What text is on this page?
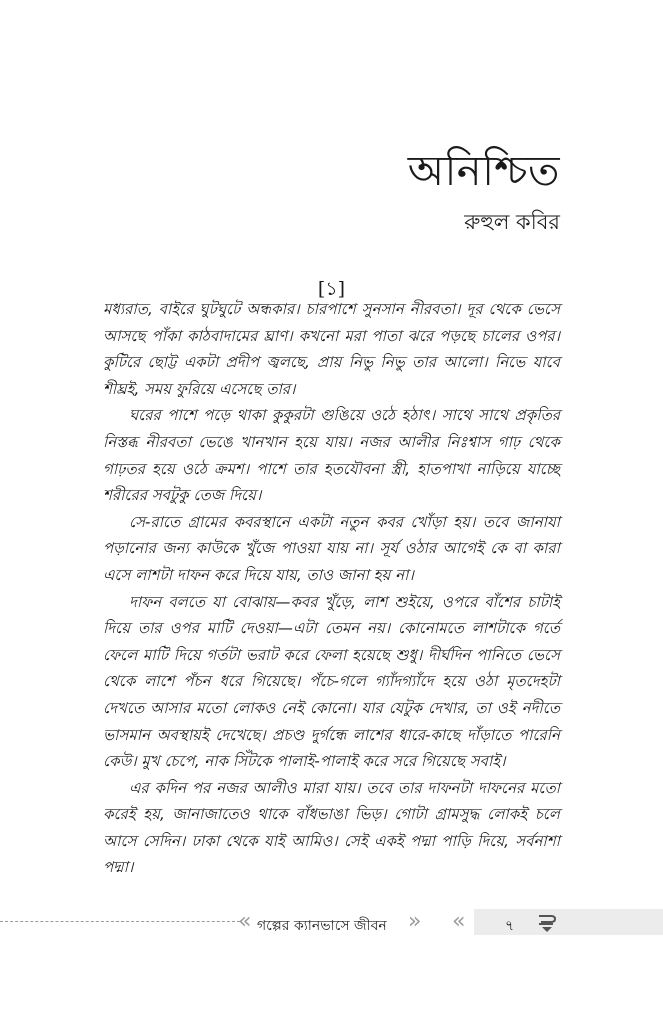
অনিশ্চিত
রুহুল কবির
[১]

মধ্যরাত, বাইরে ঘুটঘুটে অন্ধকার। চারপাশে সুনসান নীরবতা। দূর থেকে ভেসে আসছে পাঁকা কাঠবাদামের ঘ্রাণ। কখনো মরা পাতা ঝরে পড়ছে চালের ওপর। কুটিরে ছোট্ট একটা প্রদীপ জ্বলছে, প্রায় নিভু নিভু তার আলো। নিভে যাবে শীঘ্রই, সময় ফুরিয়ে এসেছে তার।

ঘরের পাশে পড়ে থাকা কুকুরটা গুঙিয়ে ওঠে হঠাৎ। সাথে সাথে প্রকৃতির নিস্তব্ধ নীরবতা ভেঙে খানখান হয়ে যায়। নজর আলীর নিঃশ্বাস গাঢ় থেকে গাঢ়তর হয়ে ওঠে ক্রমশ। পাশে তার হতযৌবনা স্ত্রী, হাতপাখা নাড়িয়ে যাচ্ছে শরীরের সবটুকু তেজ দিয়ে।

সে-রাতে গ্রামের কবরস্থানে একটা নতুন কবর খোঁড়া হয়। তবে জানাযা পড়ানোর জন্য কাউকে খুঁজে পাওয়া যায় না। সূর্য ওঠার আগেই কে বা কারা এসে লাশটা দাফন করে দিয়ে যায়, তাও জানা হয় না।

দাফন বলতে যা বোঝায়—কবর খুঁড়ে, লাশ শুইয়ে, ওপরে বাঁশের চাটাই দিয়ে তার ওপর মাটি দেওয়া—এটা তেমন নয়। কোনোমতে লাশটাকে গর্তে ফেলে মাটি দিয়ে গর্তটা ভরাট করে ফেলা হয়েছে শুধু। দীর্ঘদিন পানিতে ভেসে থেকে লাশে পঁচন ধরে গিয়েছে। পঁচে-গলে গ্যাঁদগ্যাঁদে হয়ে ওঠা মৃতদেহটা দেখতে আসার মতো লোকও নেই কোনো। যার যেটুক দেখার, তা ওই নদীতে ভাসমান অবস্থায়ই দেখেছে। প্রচণ্ড দুর্গন্ধে লাশের ধারে-কাছে দাঁড়াতে পারেনি কেউ। মুখ চেপে, নাক সিঁটকে পালাই-পালাই করে সরে গিয়েছে সবাই।

এর কদিন পর নজর আলীও মারা যায়। তবে তার দাফনটা দাফনের মতো করেই হয়, জানাজাতেও থাকে বাঁধভাঙা ভিড়। গোটা গ্রামসুদ্ধ লোকই চলে আসে সেদিন। ঢাকা থেকে যাই আমিও। সেই একই পদ্মা পাড়ি দিয়ে, সর্বনাশা পদ্মা।

« গল্পের ক্যানভাসে জীবন » «	৭
